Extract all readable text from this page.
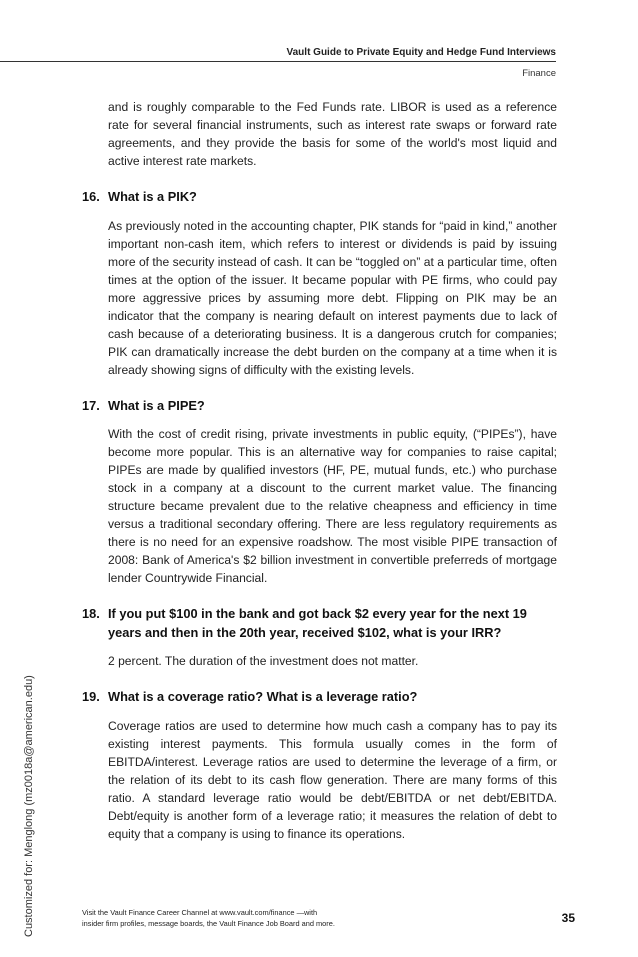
Vault Guide to Private Equity and Hedge Fund Interviews
Finance

and is roughly comparable to the Fed Funds rate. LIBOR is used as a reference rate for several financial instruments, such as interest rate swaps or forward rate agreements, and they provide the basis for some of the world's most liquid and active interest rate markets.

16. What is a PIK?

As previously noted in the accounting chapter, PIK stands for “paid in kind,” another important non-cash item, which refers to interest or dividends is paid by issuing more of the security instead of cash. It can be “toggled on” at a particular time, often times at the option of the issuer. It became popular with PE firms, who could pay more aggressive prices by assuming more debt. Flipping on PIK may be an indicator that the company is nearing default on interest payments due to lack of cash because of a deteriorating business. It is a dangerous crutch for companies; PIK can dramatically increase the debt burden on the company at a time when it is already showing signs of difficulty with the existing levels.

17. What is a PIPE?

With the cost of credit rising, private investments in public equity, (“PIPEs”), have become more popular. This is an alternative way for companies to raise capital; PIPEs are made by qualified investors (HF, PE, mutual funds, etc.) who purchase stock in a company at a discount to the current market value. The financing structure became prevalent due to the relative cheapness and efficiency in time versus a traditional secondary offering. There are less regulatory requirements as there is no need for an expensive roadshow. The most visible PIPE transaction of 2008: Bank of America's $2 billion investment in convertible preferreds of mortgage lender Countrywide Financial.

18. If you put $100 in the bank and got back $2 every year for the next 19 years and then in the 20th year, received $102, what is your IRR?

2 percent. The duration of the investment does not matter.

19. What is a coverage ratio? What is a leverage ratio?

Coverage ratios are used to determine how much cash a company has to pay its existing interest payments. This formula usually comes in the form of EBITDA/interest. Leverage ratios are used to determine the leverage of a firm, or the relation of its debt to its cash flow generation. There are many forms of this ratio. A standard leverage ratio would be debt/EBITDA or net debt/EBITDA. Debt/equity is another form of a leverage ratio; it measures the relation of debt to equity that a company is using to finance its operations.

Customized for: Menglong (mz0018a@american.edu)	Visit the Vault Finance Career Channel at www.vault.com/finance —with
insider firm profiles, message boards, the Vault Finance Job Board and more.	35
